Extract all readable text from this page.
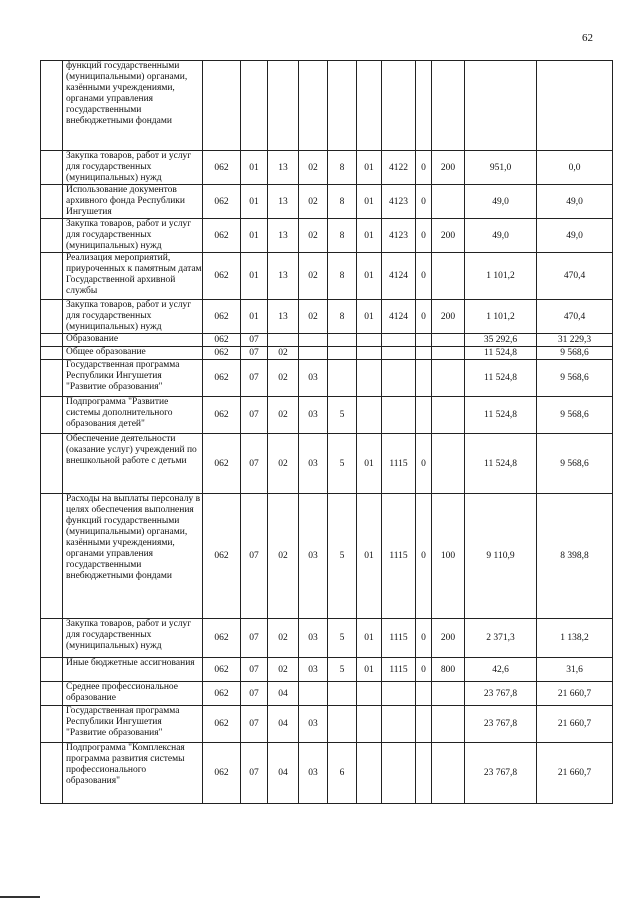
62
	функций государственными (муниципальными) органами, казёнными учреждениями, органами управления государственными внебюджетными фондами											
	Закупка товаров, работ и услуг для государственных (муниципальных) нужд	062	01	13	02	8	01	4122	0	200	951,0	0,0
	Использование документов архивного фонда Республики Ингушетия	062	01	13	02	8	01	4123	0		49,0	49,0
	Закупка товаров, работ и услуг для государственных (муниципальных) нужд	062	01	13	02	8	01	4123	0	200	49,0	49,0
	Реализация мероприятий, приуроченных к памятным датам Государственной архивной службы	062	01	13	02	8	01	4124	0		1 101,2	470,4
	Закупка товаров, работ и услуг для государственных (муниципальных) нужд	062	01	13	02	8	01	4124	0	200	1 101,2	470,4
	Образование	062	07								35 292,6	31 229,3
	Общее образование	062	07	02							11 524,8	9 568,6
	Государственная программа Республики Ингушетия "Развитие образования"	062	07	02	03						11 524,8	9 568,6
	Подпрограмма "Развитие системы дополнительного образования детей"	062	07	02	03	5					11 524,8	9 568,6
	Обеспечение деятельности (оказание услуг) учреждений по внешкольной работе с детьми	062	07	02	03	5	01	1115	0		11 524,8	9 568,6
	Расходы на выплаты персоналу в целях обеспечения выполнения функций государственными (муниципальными) органами, казёнными учреждениями, органами управления государственными внебюджетными фондами	062	07	02	03	5	01	1115	0	100	9 110,9	8 398,8
	Закупка товаров, работ и услуг для государственных (муниципальных) нужд	062	07	02	03	5	01	1115	0	200	2 371,3	1 138,2
	Иные бюджетные ассигнования	062	07	02	03	5	01	1115	0	800	42,6	31,6
	Среднее профессиональное образование	062	07	04							23 767,8	21 660,7
	Государственная программа Республики Ингушетия "Развитие образования"	062	07	04	03						23 767,8	21 660,7
	Подпрограмма "Комплексная программа развития системы профессионального образования"	062	07	04	03	6					23 767,8	21 660,7
